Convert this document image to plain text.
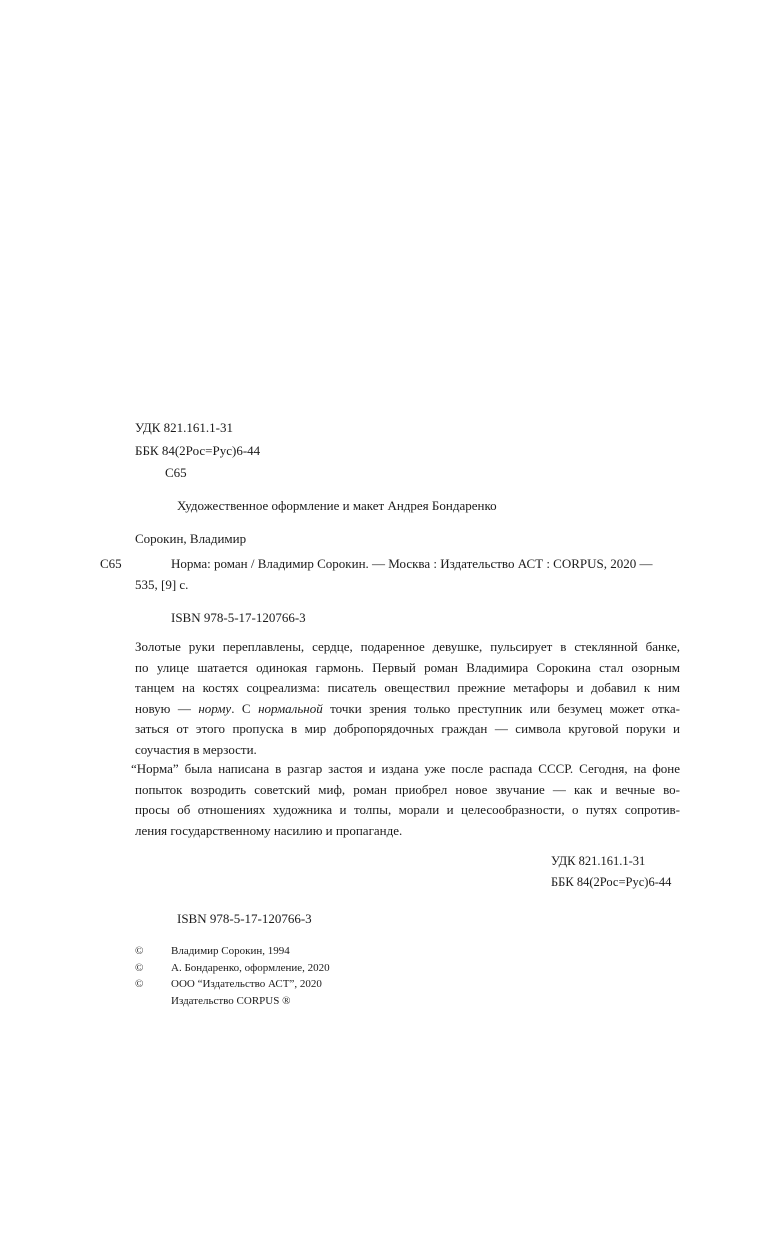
УДК 821.161.1-31
ББК 84(2Рос=Рус)6-44
С65
Художественное оформление и макет Андрея Бондаренко
Сорокин, Владимир
С65	Норма: роман / Владимир Сорокин. — Москва : Издательство АСТ : CORPUS, 2020 —
535, [9] с.
ISBN 978-5-17-120766-3
Золотые руки переплавлены, сердце, подаренное девушке, пульсирует в стеклянной банке,
по улице шатается одинокая гармонь. Первый роман Владимира Сорокина стал озорным
танцем на костях соцреализма: писатель овеществил прежние метафоры и добавил к ним
новую — норму. С нормальной точки зрения только преступник или безумец может отка-
заться от этого пропуска в мир добропорядочных граждан — символа круговой поруки и
соучастия в мерзости.
“Норма” была написана в разгар застоя и издана уже после распада СССР. Сегодня, на фоне
попыток возродить советский миф, роман приобрел новое звучание — как и вечные во-
просы об отношениях художника и толпы, морали и целесообразности, о путях сопротив-
ления государственному насилию и пропаганде.
УДК 821.161.1-31
ББК 84(2Рос=Рус)6-44
ISBN 978-5-17-120766-3
©	Владимир Сорокин, 1994
©	А. Бондаренко, оформление, 2020
©	ООО “Издательство АСТ”, 2020
Издательство CORPUS ®
